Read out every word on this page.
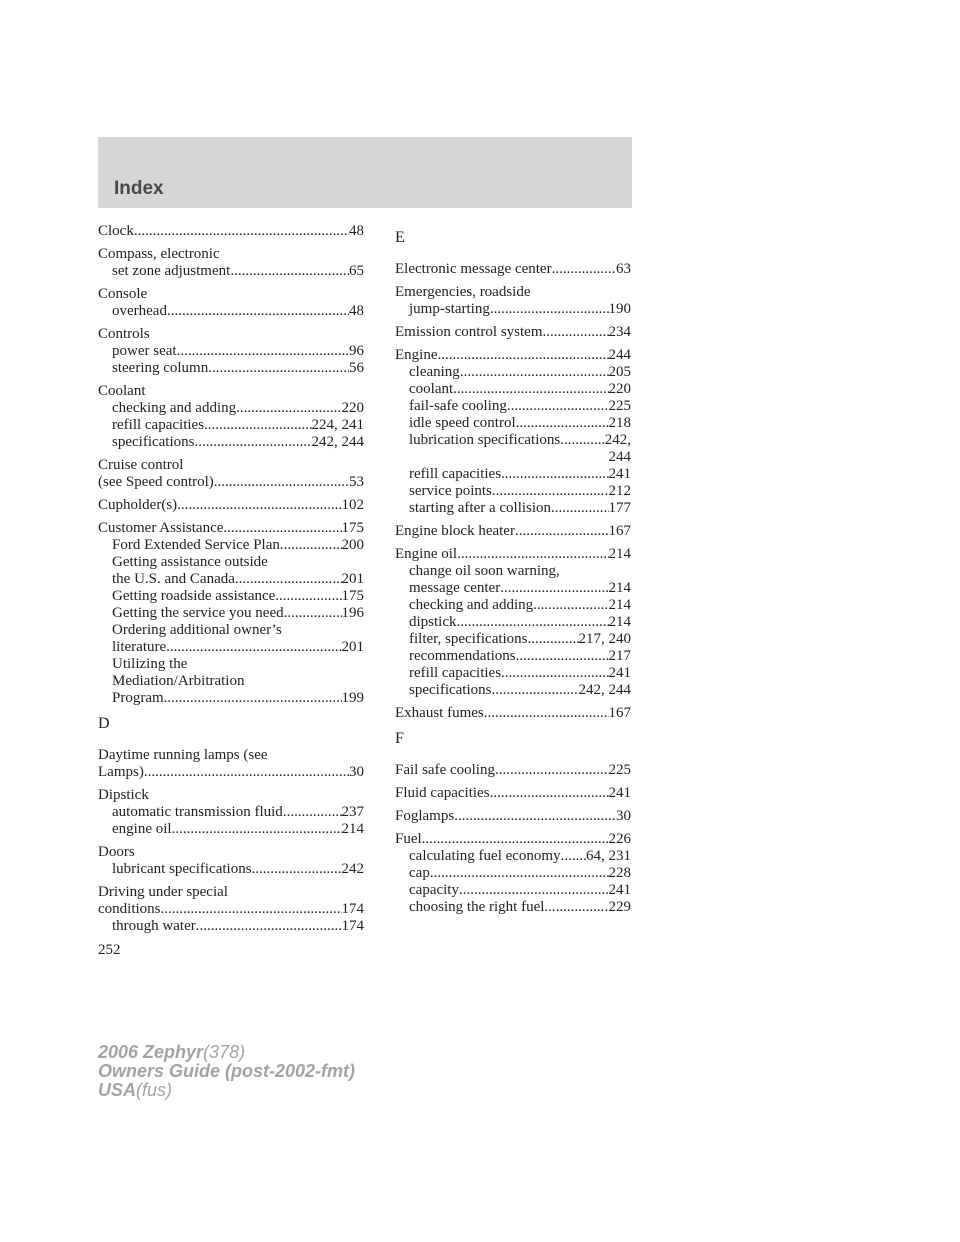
Index
Clock .....	48
Compass, electronic
set zone adjustment .....	65
Console
overhead .....	48
Controls
power seat .....	96
steering column .....	56
Coolant
checking and adding .....	220
refill capacities .....	224, 241
specifications .....	242, 244
Cruise control
(see Speed control) .....	53
Cupholder(s) .....	102
Customer Assistance .....	175
Ford Extended Service Plan .....	200
Getting assistance outside
the U.S. and Canada .....	201
Getting roadside assistance .....	175
Getting the service you need .....	196
Ordering additional owner’s
literature .....	201
Utilizing the
Mediation/Arbitration
Program .....	199
D
Daytime running lamps (see
Lamps) .....	30
Dipstick
automatic transmission fluid .....	237
engine oil .....	214
Doors
lubricant specifications .....	242
Driving under special
conditions .....	174
through water .....	174
E
Electronic message center .....	63
Emergencies, roadside
jump-starting .....	190
Emission control system .....	234
Engine .....	244
cleaning .....	205
coolant .....	220
fail-safe cooling .....	225
idle speed control .....	218
lubrication specifications .....	242,
244
refill capacities .....	241
service points .....	212
starting after a collision .....	177
Engine block heater .....	167
Engine oil .....	214
change oil soon warning,
message center .....	214
checking and adding .....	214
dipstick .....	214
filter, specifications .....	217, 240
recommendations .....	217
refill capacities .....	241
specifications .....	242, 244
Exhaust fumes .....	167
F
Fail safe cooling .....	225
Fluid capacities .....	241
Foglamps .....	30
Fuel .....	226
calculating fuel economy ..... 64, 231
cap .....	228
capacity .....	241
choosing the right fuel .....	229
252
2006 Zephyr(378)
Owners Guide (post-2002-fmt)
USA(fus)
